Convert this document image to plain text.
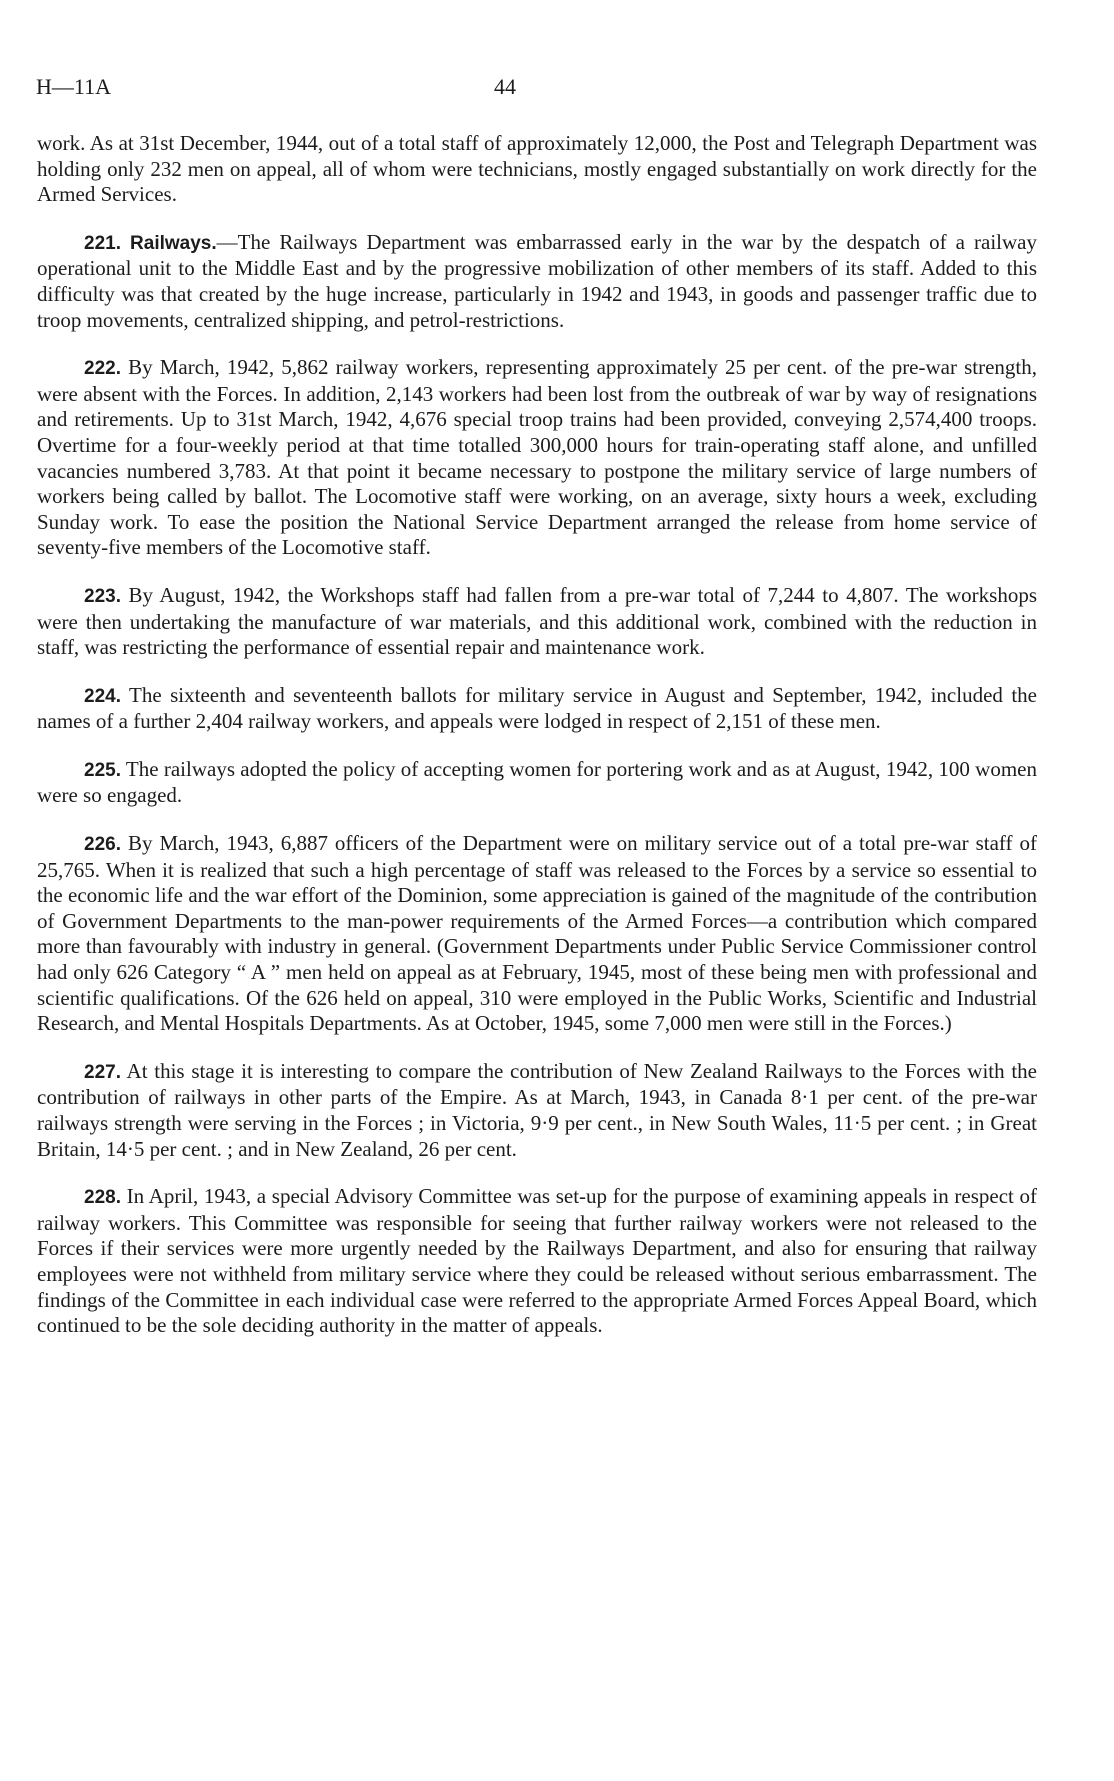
H—11A	44

work. As at 31st December, 1944, out of a total staff of approximately 12,000, the Post and Telegraph Department was holding only 232 men on appeal, all of whom were technicians, mostly engaged substantially on work directly for the Armed Services.

221. Railways.—The Railways Department was embarrassed early in the war by the despatch of a railway operational unit to the Middle East and by the progressive mobilization of other members of its staff. Added to this difficulty was that created by the huge increase, particularly in 1942 and 1943, in goods and passenger traffic due to troop movements, centralized shipping, and petrol-restrictions.

222. By March, 1942, 5,862 railway workers, representing approximately 25 per cent. of the pre-war strength, were absent with the Forces. In addition, 2,143 workers had been lost from the outbreak of war by way of resignations and retirements. Up to 31st March, 1942, 4,676 special troop trains had been provided, conveying 2,574,400 troops. Overtime for a four-weekly period at that time totalled 300,000 hours for train-operating staff alone, and unfilled vacancies numbered 3,783. At that point it became necessary to postpone the military service of large numbers of workers being called by ballot. The Locomotive staff were working, on an average, sixty hours a week, excluding Sunday work. To ease the position the National Service Department arranged the release from home service of seventy-five members of the Locomotive staff.

223. By August, 1942, the Workshops staff had fallen from a pre-war total of 7,244 to 4,807. The workshops were then undertaking the manufacture of war materials, and this additional work, combined with the reduction in staff, was restricting the performance of essential repair and maintenance work.

224. The sixteenth and seventeenth ballots for military service in August and September, 1942, included the names of a further 2,404 railway workers, and appeals were lodged in respect of 2,151 of these men.

225. The railways adopted the policy of accepting women for portering work and as at August, 1942, 100 women were so engaged.

226. By March, 1943, 6,887 officers of the Department were on military service out of a total pre-war staff of 25,765. When it is realized that such a high percentage of staff was released to the Forces by a service so essential to the economic life and the war effort of the Dominion, some appreciation is gained of the magnitude of the contribution of Government Departments to the man-power requirements of the Armed Forces—a contribution which compared more than favourably with industry in general. (Government Departments under Public Service Commissioner control had only 626 Category “ A ” men held on appeal as at February, 1945, most of these being men with professional and scientific qualifications. Of the 626 held on appeal, 310 were employed in the Public Works, Scientific and Industrial Research, and Mental Hospitals Departments. As at October, 1945, some 7,000 men were still in the Forces.)

227. At this stage it is interesting to compare the contribution of New Zealand Railways to the Forces with the contribution of railways in other parts of the Empire. As at March, 1943, in Canada 8·1 per cent. of the pre-war railways strength were serving in the Forces ; in Victoria, 9·9 per cent., in New South Wales, 11·5 per cent. ; in Great Britain, 14·5 per cent. ; and in New Zealand, 26 per cent.

228. In April, 1943, a special Advisory Committee was set-up for the purpose of examining appeals in respect of railway workers. This Committee was responsible for seeing that further railway workers were not released to the Forces if their services were more urgently needed by the Railways Department, and also for ensuring that railway employees were not withheld from military service where they could be released without serious embarrassment. The findings of the Committee in each individual case were referred to the appropriate Armed Forces Appeal Board, which continued to be the sole deciding authority in the matter of appeals.
